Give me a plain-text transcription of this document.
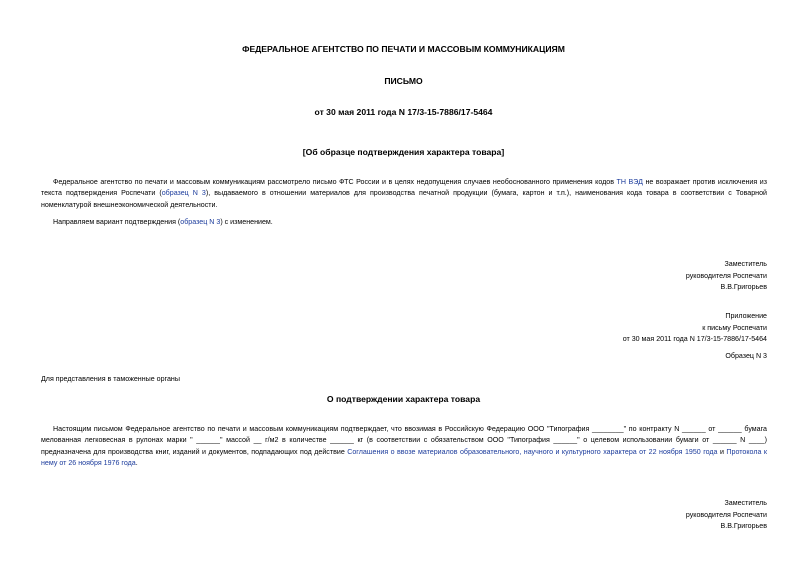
ФЕДЕРАЛЬНОЕ АГЕНТСТВО ПО ПЕЧАТИ И МАССОВЫМ КОММУНИКАЦИЯМ
ПИСЬМО
от 30 мая 2011 года N 17/3-15-7886/17-5464
[Об образце подтверждения характера товара]
Федеральное агентство по печати и массовым коммуникациям рассмотрело письмо ФТС России и в целях недопущения случаев необоснованного применения кодов ТН ВЭД не возражает против исключения из текста подтверждения Роспечати (образец N 3), выдаваемого в отношении материалов для производства печатной продукции (бумага, картон и т.п.), наименования кода товара в соответствии с Товарной номенклатурой внешнеэкономической деятельности.
Направляем вариант подтверждения (образец N 3) с изменением.
Заместитель
руководителя Роспечати
В.В.Григорьев
Приложение
к письму Роспечати
от 30 мая 2011 года N 17/3-15-7886/17-5464
Образец N 3
Для представления в таможенные органы
О подтверждении характера товара
Настоящим письмом Федеральное агентство по печати и массовым коммуникациям подтверждает, что ввозимая в Российскую Федерацию ООО "Типография ________" по контракту N ______ от ______ бумага мелованная легковесная в рулонах марки " ______" массой __ г/м2 в количестве ______ кг (в соответствии с обязательством ООО "Типография ______" о целевом использовании бумаги от ______ N ____) предназначена для производства книг, изданий и документов, подпадающих под действие Соглашения о ввозе материалов образовательного, научного и культурного характера от 22 ноября 1950 года и Протокола к нему от 26 ноября 1976 года.
Заместитель
руководителя Роспечати
В.В.Григорьев
